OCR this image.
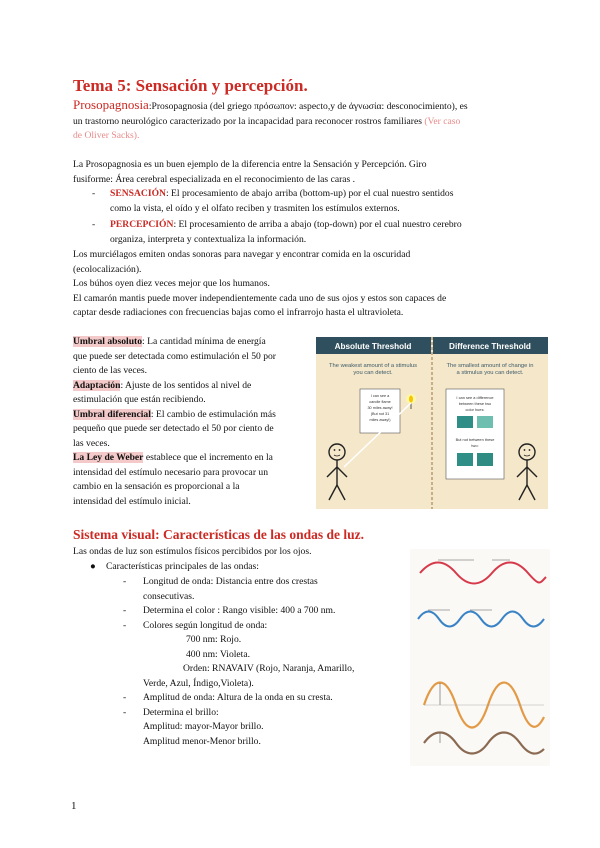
Tema 5: Sensación y percepción.
Prosopagnosia:Prosopagnosia (del griego πρόσωπον: aspecto,y de ἀγνωσία: desconocimiento), es
un trastorno neurológico caracterizado por la incapacidad para reconocer rostros familiares (Ver caso
de Oliver Sacks).
La Prosopagnosia es un buen ejemplo de la diferencia entre la Sensación y Percepción. Giro
fusiforme: Área cerebral especializada en el reconocimiento de las caras .
- SENSACIÓN: El procesamiento de abajo arriba (bottom-up) por el cual nuestro sentidos
como la vista, el oído y el olfato reciben y trasmiten los estímulos externos.
- PERCEPCIÓN: El procesamiento de arriba a abajo (top-down) por el cual nuestro cerebro
organiza, interpreta y contextualiza la información.
Los murciélagos emiten ondas sonoras para navegar y encontrar comida en la oscuridad
(ecolocalización).
Los búhos oyen diez veces mejor que los humanos.
El camarón mantis puede mover independientemente cada uno de sus ojos y estos son capaces de
captar desde radiaciones con frecuencias bajas como el infrarrojo hasta el ultravioleta.
Umbral absoluto: La cantidad mínima de energía
que puede ser detectada como estimulación el 50 por
ciento de las veces.
Adaptación: Ajuste de los sentidos al nivel de
estimulación que están recibiendo.
Umbral diferencial: El cambio de estimulación más
pequeño que puede ser detectado el 50 por ciento de
las veces.
La Ley de Weber establece que el incremento en la
intensidad del estímulo necesario para provocar un
cambio en la sensación es proporcional a la
intensidad del estímulo inicial.
Absolute Threshold	Difference Threshold
The weakest amount of a stimulus
you can detect.
The smallest amount of change in
a stimulus you can detect.
I can see a
candle flame
30 miles away!
(But not 31
miles away!)
I can see a difference
between these two
color hues:
But not between these
two:
Sistema visual: Características de las ondas de luz.
Las ondas de luz son estímulos físicos percibidos por los ojos.
● Características principales de las ondas:
- Longitud de onda: Distancia entre dos crestas
consecutivas.
- Determina el color : Rango visible: 400 a 700 nm.
- Colores según longitud de onda:
700 nm: Rojo.
400 nm: Violeta.
Orden: RNAVAIV (Rojo, Naranja, Amarillo,
Verde, Azul, Índigo,Violeta).
- Amplitud de onda: Altura de la onda en su cresta.
- Determina el brillo:
Amplitud: mayor-Mayor brillo.
Amplitud menor-Menor brillo.
1
